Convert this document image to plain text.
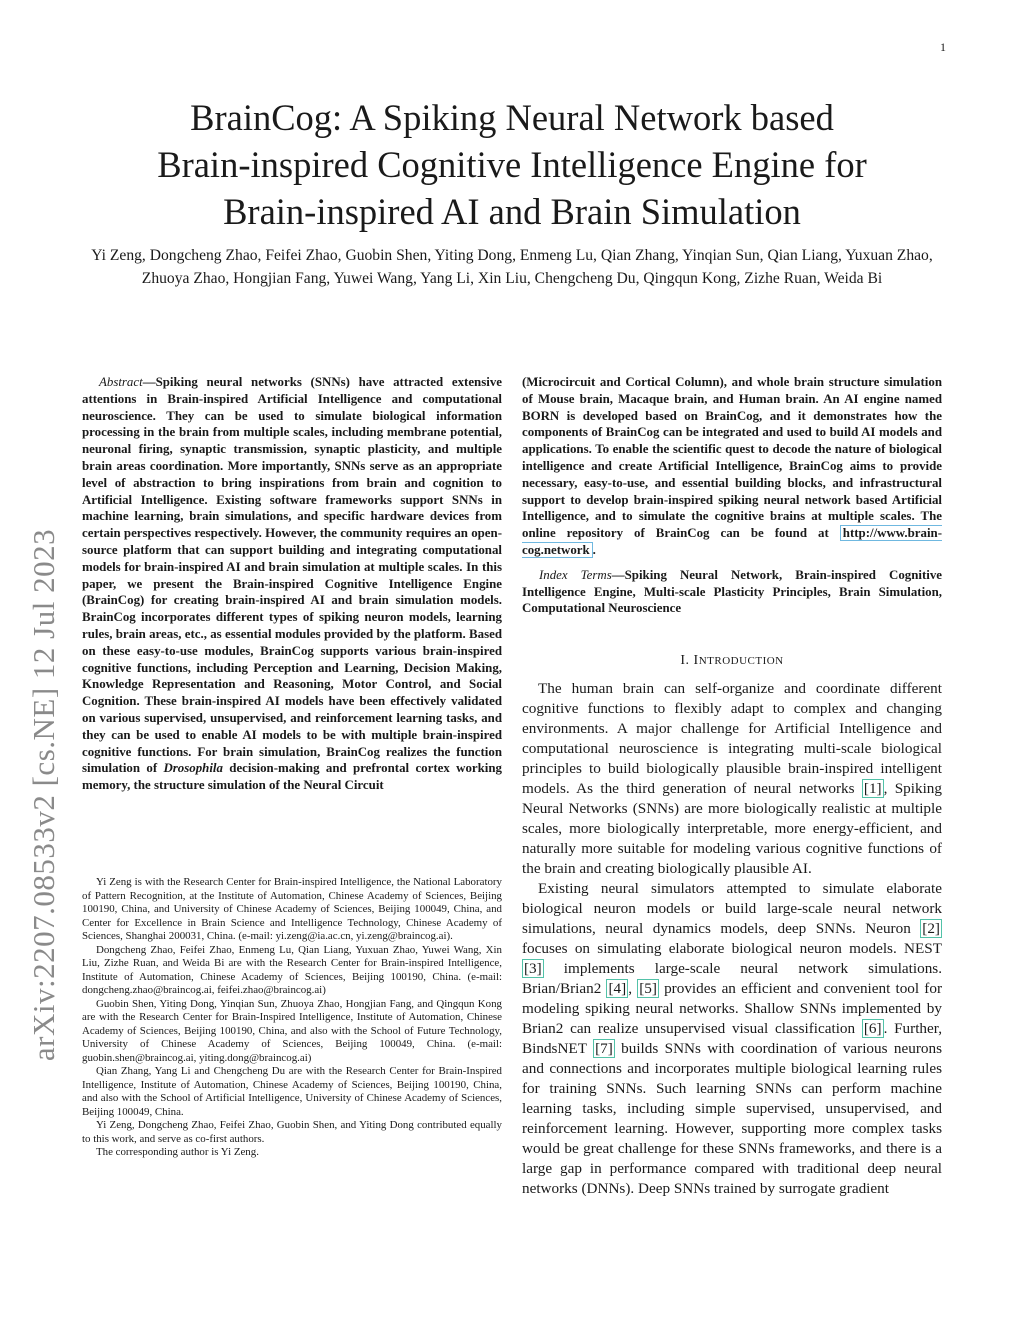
1
arXiv:2207.08533v2 [cs.NE] 12 Jul 2023
BrainCog: A Spiking Neural Network based
Brain-inspired Cognitive Intelligence Engine for
Brain-inspired AI and Brain Simulation
Yi Zeng, Dongcheng Zhao, Feifei Zhao, Guobin Shen, Yiting Dong, Enmeng Lu, Qian Zhang, Yinqian Sun, Qian Liang, Yuxuan Zhao, Zhuoya Zhao, Hongjian Fang, Yuwei Wang, Yang Li, Xin Liu, Chengcheng Du, Qingqun Kong, Zizhe Ruan, Weida Bi

Abstract—Spiking neural networks (SNNs) have attracted extensive attentions in Brain-inspired Artificial Intelligence and computational neuroscience. They can be used to simulate biological information processing in the brain from multiple scales, including membrane potential, neuronal firing, synaptic transmission, synaptic plasticity, and multiple brain areas coordination. More importantly, SNNs serve as an appropriate level of abstraction to bring inspirations from brain and cognition to Artificial Intelligence. Existing software frameworks support SNNs in machine learning, brain simulations, and specific hardware devices from certain perspectives respectively. However, the community requires an open-source platform that can support building and integrating computational models for brain-inspired AI and brain simulation at multiple scales. In this paper, we present the Brain-inspired Cognitive Intelligence Engine (BrainCog) for creating brain-inspired AI and brain simulation models. BrainCog incorporates different types of spiking neuron models, learning rules, brain areas, etc., as essential modules provided by the platform. Based on these easy-to-use modules, BrainCog supports various brain-inspired cognitive functions, including Perception and Learning, Decision Making, Knowledge Representation and Reasoning, Motor Control, and Social Cognition. These brain-inspired AI models have been effectively validated on various supervised, unsupervised, and reinforcement learning tasks, and they can be used to enable AI models to be with multiple brain-inspired cognitive functions. For brain simulation, BrainCog realizes the function simulation of Drosophila decision-making and prefrontal cortex working memory, the structure simulation of the Neural Circuit

Yi Zeng is with the Research Center for Brain-inspired Intelligence, the National Laboratory of Pattern Recognition, at the Institute of Automation, Chinese Academy of Sciences, Beijing 100190, China, and University of Chinese Academy of Sciences, Beijing 100049, China, and Center for Excellence in Brain Science and Intelligence Technology, Chinese Academy of Sciences, Shanghai 200031, China. (e-mail: yi.zeng@ia.ac.cn, yi.zeng@braincog.ai).

Dongcheng Zhao, Feifei Zhao, Enmeng Lu, Qian Liang, Yuxuan Zhao, Yuwei Wang, Xin Liu, Zizhe Ruan, and Weida Bi are with the Research Center for Brain-inspired Intelligence, Institute of Automation, Chinese Academy of Sciences, Beijing 100190, China. (e-mail: dongcheng.zhao@braincog.ai, feifei.zhao@braincog.ai)

Guobin Shen, Yiting Dong, Yinqian Sun, Zhuoya Zhao, Hongjian Fang, and Qingqun Kong are with the Research Center for Brain-Inspired Intelligence, Institute of Automation, Chinese Academy of Sciences, Beijing 100190, China, and also with the School of Future Technology, University of Chinese Academy of Sciences, Beijing 100049, China. (e-mail: guobin.shen@braincog.ai, yiting.dong@braincog.ai)

Qian Zhang, Yang Li and Chengcheng Du are with the Research Center for Brain-Inspired Intelligence, Institute of Automation, Chinese Academy of Sciences, Beijing 100190, China, and also with the School of Artificial Intelligence, University of Chinese Academy of Sciences, Beijing 100049, China.

Yi Zeng, Dongcheng Zhao, Feifei Zhao, Guobin Shen, and Yiting Dong contributed equally to this work, and serve as co-first authors.

The corresponding author is Yi Zeng.

(Microcircuit and Cortical Column), and whole brain structure simulation of Mouse brain, Macaque brain, and Human brain. An AI engine named BORN is developed based on BrainCog, and it demonstrates how the components of BrainCog can be integrated and used to build AI models and applications. To enable the scientific quest to decode the nature of biological intelligence and create Artificial Intelligence, BrainCog aims to provide necessary, easy-to-use, and essential building blocks, and infrastructural support to develop brain-inspired spiking neural network based Artificial Intelligence, and to simulate the cognitive brains at multiple scales. The online repository of BrainCog can be found at http://www.brain-cog.network .

Index Terms—Spiking Neural Network, Brain-inspired Cognitive Intelligence Engine, Multi-scale Plasticity Principles, Brain Simulation, Computational Neuroscience

I. INTRODUCTION

The human brain can self-organize and coordinate different cognitive functions to flexibly adapt to complex and changing environments. A major challenge for Artificial Intelligence and computational neuroscience is integrating multi-scale biological principles to build biologically plausible brain-inspired intelligent models. As the third generation of neural networks [1] , Spiking Neural Networks (SNNs) are more biologically realistic at multiple scales, more biologically interpretable, more energy-efficient, and naturally more suitable for modeling various cognitive functions of the brain and creating biologically plausible AI.

Existing neural simulators attempted to simulate elaborate biological neuron models or build large-scale neural network simulations, neural dynamics models, deep SNNs. Neuron [2] focuses on simulating elaborate biological neuron models. NEST [3] implements large-scale neural network simulations. Brian/Brian2 [4] , [5] provides an efficient and convenient tool for modeling spiking neural networks. Shallow SNNs implemented by Brian2 can realize unsupervised visual classification [6] . Further, BindsNET [7] builds SNNs with coordination of various neurons and connections and incorporates multiple biological learning rules for training SNNs. Such learning SNNs can perform machine learning tasks, including simple supervised, unsupervised, and reinforcement learning. However, supporting more complex tasks would be great challenge for these SNNs frameworks, and there is a large gap in performance compared with traditional deep neural networks (DNNs). Deep SNNs trained by surrogate gradient
